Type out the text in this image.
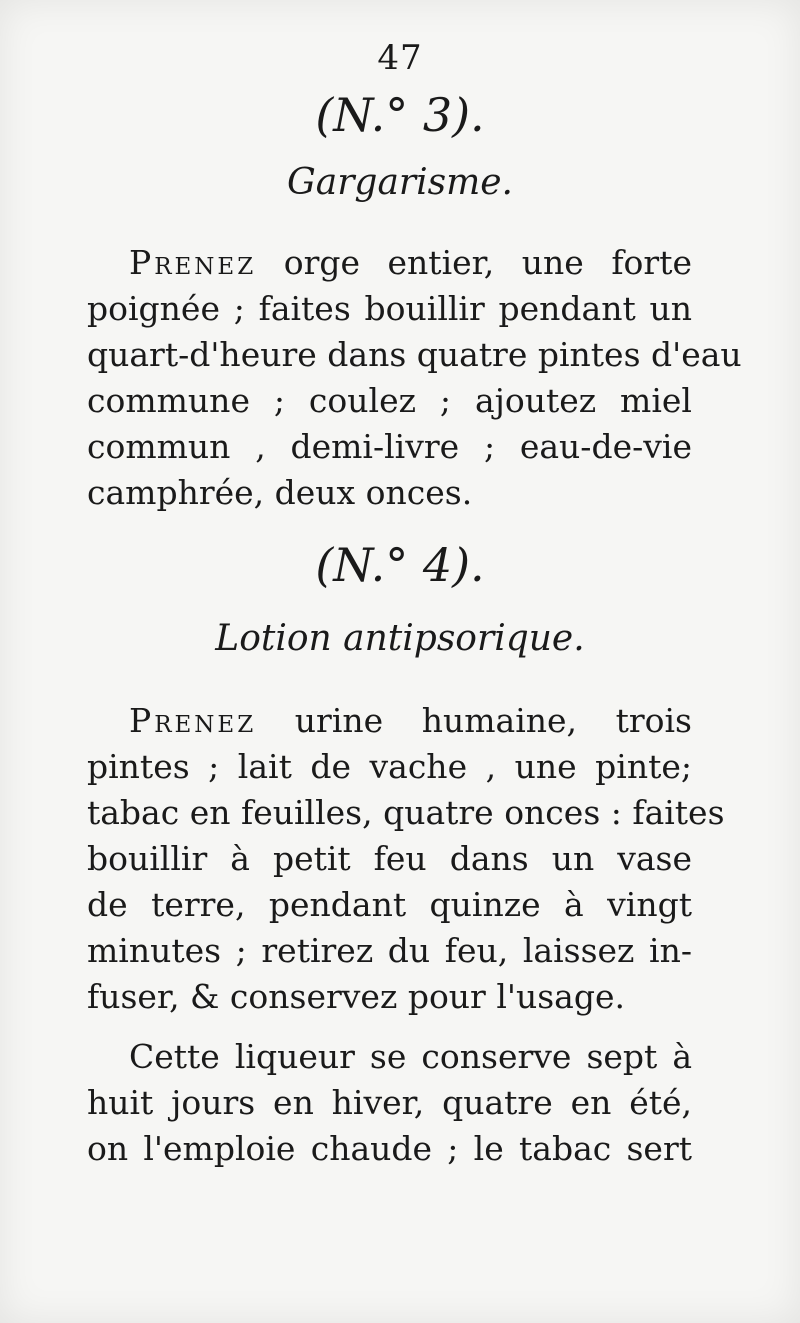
47
(N.° 3).
Gargarisme.
Prenez orge entier, une forte
poignée ; faites bouillir pendant un
quart-d'heure dans quatre pintes d'eau
commune ; coulez ; ajoutez miel
commun , demi-livre ; eau-de-vie
camphrée, deux onces.
(N.° 4).
Lotion antipsorique.
Prenez urine humaine, trois
pintes ; lait de vache , une pinte;
tabac en feuilles, quatre onces : faites
bouillir à petit feu dans un vase
de terre, pendant quinze à vingt
minutes ; retirez du feu, laissez in-
fuser, & conservez pour l'usage.
Cette liqueur se conserve sept à
huit jours en hiver, quatre en été,
on l'emploie chaude ; le tabac sert
